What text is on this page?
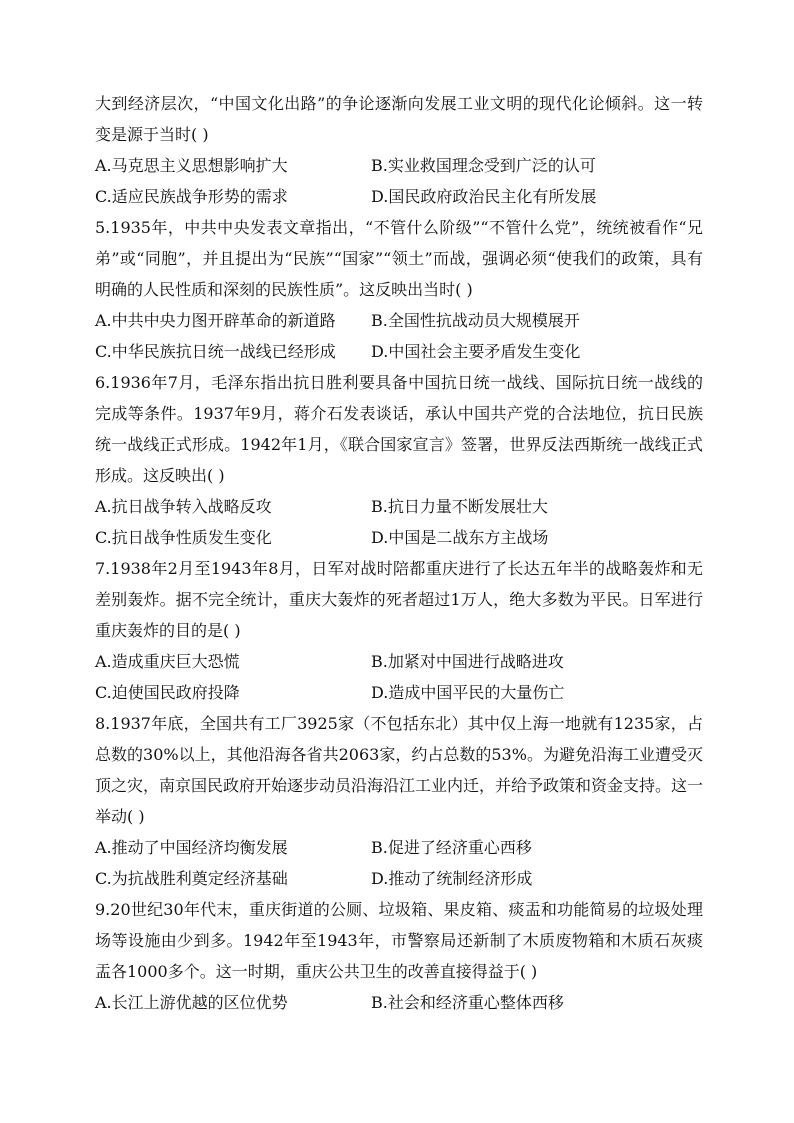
大到经济层次，“中国文化出路”的争论逐渐向发展工业文明的现代化论倾斜。这一转变是源于当时( )

A.马克思主义思想影响扩大	B.实业救国理念受到广泛的认可
C.适应民族战争形势的需求	D.国民政府政治民主化有所发展

5.1935年，中共中央发表文章指出，“不管什么阶级”“不管什么党”，统统被看作“兄弟”或“同胞”，并且提出为“民族”“国家”“领土”而战，强调必须“使我们的政策，具有明确的人民性质和深刻的民族性质”。这反映出当时( )

A.中共中央力图开辟革命的新道路	B.全国性抗战动员大规模展开
C.中华民族抗日统一战线已经形成	D.中国社会主要矛盾发生变化

6.1936年7月，毛泽东指出抗日胜利要具备中国抗日统一战线、国际抗日统一战线的完成等条件。1937年9月，蒋介石发表谈话，承认中国共产党的合法地位，抗日民族统一战线正式形成。1942年1月，《联合国家宣言》签署，世界反法西斯统一战线正式形成。这反映出( )

A.抗日战争转入战略反攻	B.抗日力量不断发展壮大
C.抗日战争性质发生变化	D.中国是二战东方主战场

7.1938年2月至1943年8月，日军对战时陪都重庆进行了长达五年半的战略轰炸和无差别轰炸。据不完全统计，重庆大轰炸的死者超过1万人，绝大多数为平民。日军进行重庆轰炸的目的是( )

A.造成重庆巨大恐慌	B.加紧对中国进行战略进攻
C.迫使国民政府投降	D.造成中国平民的大量伤亡

8.1937年底，全国共有工厂3925家（不包括东北）其中仅上海一地就有1235家，占总数的30%以上，其他沿海各省共2063家，约占总数的53%。为避免沿海工业遭受灭顶之灾，南京国民政府开始逐步动员沿海沿江工业内迁，并给予政策和资金支持。这一举动( )

A.推动了中国经济均衡发展	B.促进了经济重心西移
C.为抗战胜利奠定经济基础	D.推动了统制经济形成

9.20世纪30年代末，重庆街道的公厕、垃圾箱、果皮箱、痰盂和功能简易的垃圾处理场等设施由少到多。1942年至1943年，市警察局还新制了木质废物箱和木质石灰痰盂各1000多个。这一时期，重庆公共卫生的改善直接得益于( )

A.长江上游优越的区位优势	B.社会和经济重心整体西移
